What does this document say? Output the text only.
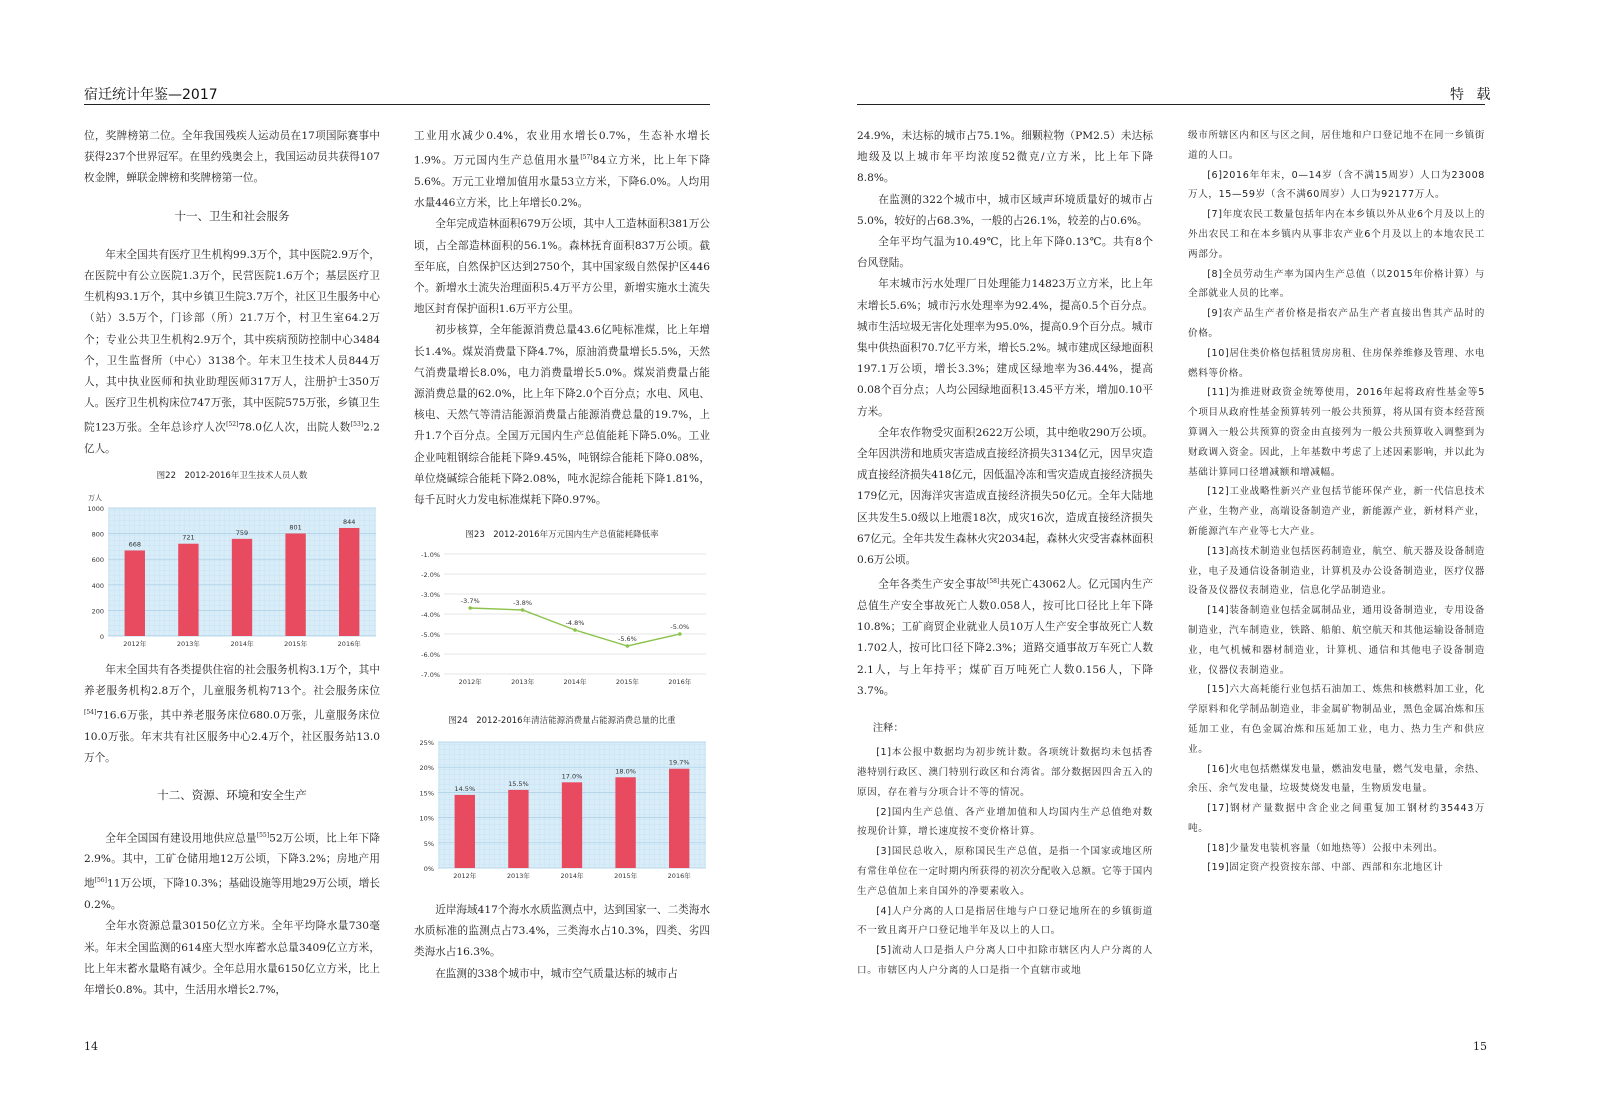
宿迁统计年鉴—2017

位，奖牌榜第二位。全年我国残疾人运动员在17项国际赛事中获得237个世界冠军。在里约残奥会上，我国运动员共获得107枚金牌，蝉联金牌榜和奖牌榜第一位。

十一、卫生和社会服务

年末全国共有医疗卫生机构99.3万个，其中医院2.9万个，在医院中有公立医院1.3万个，民营医院1.6万个；基层医疗卫生机构93.1万个，其中乡镇卫生院3.7万个，社区卫生服务中心（站）3.5万个，门诊部（所）21.7万个，村卫生室64.2万个；专业公共卫生机构2.9万个，其中疾病预防控制中心3484个，卫生监督所（中心）3138个。年末卫生技术人员844万人，其中执业医师和执业助理医师317万人，注册护士350万人。医疗卫生机构床位747万张，其中医院575万张，乡镇卫生院123万张。全年总诊疗人次[52]78.0亿人次，出院人数[53]2.2亿人。

图22　2012-2016年卫生技术人员人数
万人
0
200
400
600
800
1000
668
2012年
721
2013年
759
2014年
801
2015年
844
2016年

年末全国共有各类提供住宿的社会服务机构3.1万个，其中养老服务机构2.8万个，儿童服务机构713个。社会服务床位[54]716.6万张，其中养老服务床位680.0万张，儿童服务床位10.0万张。年末共有社区服务中心2.4万个，社区服务站13.0万个。

十二、资源、环境和安全生产

全年全国国有建设用地供应总量[55]52万公顷，比上年下降2.9%。其中，工矿仓储用地12万公顷，下降3.2%；房地产用地[56]11万公顷，下降10.3%；基础设施等用地29万公顷，增长0.2%。

全年水资源总量30150亿立方米。全年平均降水量730毫米。年末全国监测的614座大型水库蓄水总量3409亿立方米，比上年末蓄水量略有减少。全年总用水量6150亿立方米，比上年增长0.8%。其中，生活用水增长2.7%，

工业用水减少0.4%，农业用水增长0.7%，生态补水增长1.9%。万元国内生产总值用水量[57]84立方米，比上年下降5.6%。万元工业增加值用水量53立方米，下降6.0%。人均用水量446立方米，比上年增长0.2%。

全年完成造林面积679万公顷，其中人工造林面积381万公顷，占全部造林面积的56.1%。森林抚育面积837万公顷。截至年底，自然保护区达到2750个，其中国家级自然保护区446个。新增水土流失治理面积5.4万平方公里，新增实施水土流失地区封育保护面积1.6万平方公里。

初步核算，全年能源消费总量43.6亿吨标准煤，比上年增长1.4%。煤炭消费量下降4.7%，原油消费量增长5.5%，天然气消费量增长8.0%，电力消费量增长5.0%。煤炭消费量占能源消费总量的62.0%，比上年下降2.0个百分点；水电、风电、核电、天然气等清洁能源消费量占能源消费总量的19.7%，上升1.7个百分点。全国万元国内生产总值能耗下降5.0%。工业企业吨粗钢综合能耗下降9.45%，吨钢综合能耗下降0.08%，单位烧碱综合能耗下降2.08%，吨水泥综合能耗下降1.81%，每千瓦时火力发电标准煤耗下降0.97%。

图23　2012-2016年万元国内生产总值能耗降低率
-1.0%
-2.0%
-3.0%
-4.0%
-5.0%
-6.0%
-7.0%
-3.7%
2012年
-3.8%
2013年
-4.8%
2014年
-5.6%
2015年
-5.0%
2016年
图24　2012-2016年清洁能源消费量占能源消费总量的比重
0%
5%
10%
15%
20%
25%
14.5%
2012年
15.5%
2013年
17.0%
2014年
18.0%
2015年
19.7%
2016年

近岸海域417个海水水质监测点中，达到国家一、二类海水水质标准的监测点占73.4%，三类海水占10.3%，四类、劣四类海水占16.3%。

在监测的338个城市中，城市空气质量达标的城市占

14
特 载

24.9%，未达标的城市占75.1%。细颗粒物（PM2.5）未达标地级及以上城市年平均浓度52微克/立方米，比上年下降8.8%。

在监测的322个城市中，城市区域声环境质量好的城市占5.0%，较好的占68.3%，一般的占26.1%，较差的占0.6%。

全年平均气温为10.49℃，比上年下降0.13℃。共有8个台风登陆。

年末城市污水处理厂日处理能力14823万立方米，比上年末增长5.6%；城市污水处理率为92.4%，提高0.5个百分点。城市生活垃圾无害化处理率为95.0%，提高0.9个百分点。城市集中供热面积70.7亿平方米，增长5.2%。城市建成区绿地面积197.1万公顷，增长3.3%；建成区绿地率为36.44%，提高0.08个百分点；人均公园绿地面积13.45平方米，增加0.10平方米。

全年农作物受灾面积2622万公顷，其中绝收290万公顷。全年因洪涝和地质灾害造成直接经济损失3134亿元，因旱灾造成直接经济损失418亿元，因低温冷冻和雪灾造成直接经济损失179亿元，因海洋灾害造成直接经济损失50亿元。全年大陆地区共发生5.0级以上地震18次，成灾16次，造成直接经济损失67亿元。全年共发生森林火灾2034起，森林火灾受害森林面积0.6万公顷。

全年各类生产安全事故[58]共死亡43062人。亿元国内生产总值生产安全事故死亡人数0.058人，按可比口径比上年下降10.8%；工矿商贸企业就业人员10万人生产安全事故死亡人数1.702人，按可比口径下降2.3%；道路交通事故万车死亡人数2.1人，与上年持平；煤矿百万吨死亡人数0.156人，下降3.7%。

注释：

[1]本公报中数据均为初步统计数。各项统计数据均未包括香港特别行政区、澳门特别行政区和台湾省。部分数据因四舍五入的原因，存在着与分项合计不等的情况。

[2]国内生产总值、各产业增加值和人均国内生产总值绝对数按现价计算，增长速度按不变价格计算。

[3]国民总收入，原称国民生产总值，是指一个国家或地区所有常住单位在一定时期内所获得的初次分配收入总额。它等于国内生产总值加上来自国外的净要素收入。

[4]人户分离的人口是指居住地与户口登记地所在的乡镇街道不一致且离开户口登记地半年及以上的人口。

[5]流动人口是指人户分离人口中扣除市辖区内人户分离的人口。市辖区内人户分离的人口是指一个直辖市或地

级市所辖区内和区与区之间，居住地和户口登记地不在同一乡镇街道的人口。

[6]2016年年末，0—14岁（含不满15周岁）人口为23008万人，15—59岁（含不满60周岁）人口为92177万人。

[7]年度农民工数量包括年内在本乡镇以外从业6个月及以上的外出农民工和在本乡镇内从事非农产业6个月及以上的本地农民工两部分。

[8]全员劳动生产率为国内生产总值（以2015年价格计算）与全部就业人员的比率。

[9]农产品生产者价格是指农产品生产者直接出售其产品时的价格。

[10]居住类价格包括租赁房房租、住房保养维修及管理、水电燃料等价格。

[11]为推进财政资金统筹使用，2016年起将政府性基金等5个项目从政府性基金预算转列一般公共预算，将从国有资本经营预算调入一般公共预算的资金由直接列为一般公共预算收入调整到为财政调入资金。因此，上年基数中考虑了上述因素影响，并以此为基础计算同口径增减额和增减幅。

[12]工业战略性新兴产业包括节能环保产业，新一代信息技术产业，生物产业，高端设备制造产业，新能源产业，新材料产业，新能源汽车产业等七大产业。

[13]高技术制造业包括医药制造业，航空、航天器及设备制造业，电子及通信设备制造业，计算机及办公设备制造业，医疗仪器设备及仪器仪表制造业，信息化学品制造业。

[14]装备制造业包括金属制品业，通用设备制造业，专用设备制造业，汽车制造业，铁路、船舶、航空航天和其他运输设备制造业，电气机械和器材制造业，计算机、通信和其他电子设备制造业，仪器仪表制造业。

[15]六大高耗能行业包括石油加工、炼焦和核燃料加工业，化学原料和化学制品制造业，非金属矿物制品业，黑色金属冶炼和压延加工业，有色金属冶炼和压延加工业，电力、热力生产和供应业。

[16]火电包括燃煤发电量，燃油发电量，燃气发电量，余热、余压、余气发电量，垃圾焚烧发电量，生物质发电量。

[17]钢材产量数据中含企业之间重复加工钢材约35443万吨。

[18]少量发电装机容量（如地热等）公报中未列出。

[19]固定资产投资按东部、中部、西部和东北地区计

15
